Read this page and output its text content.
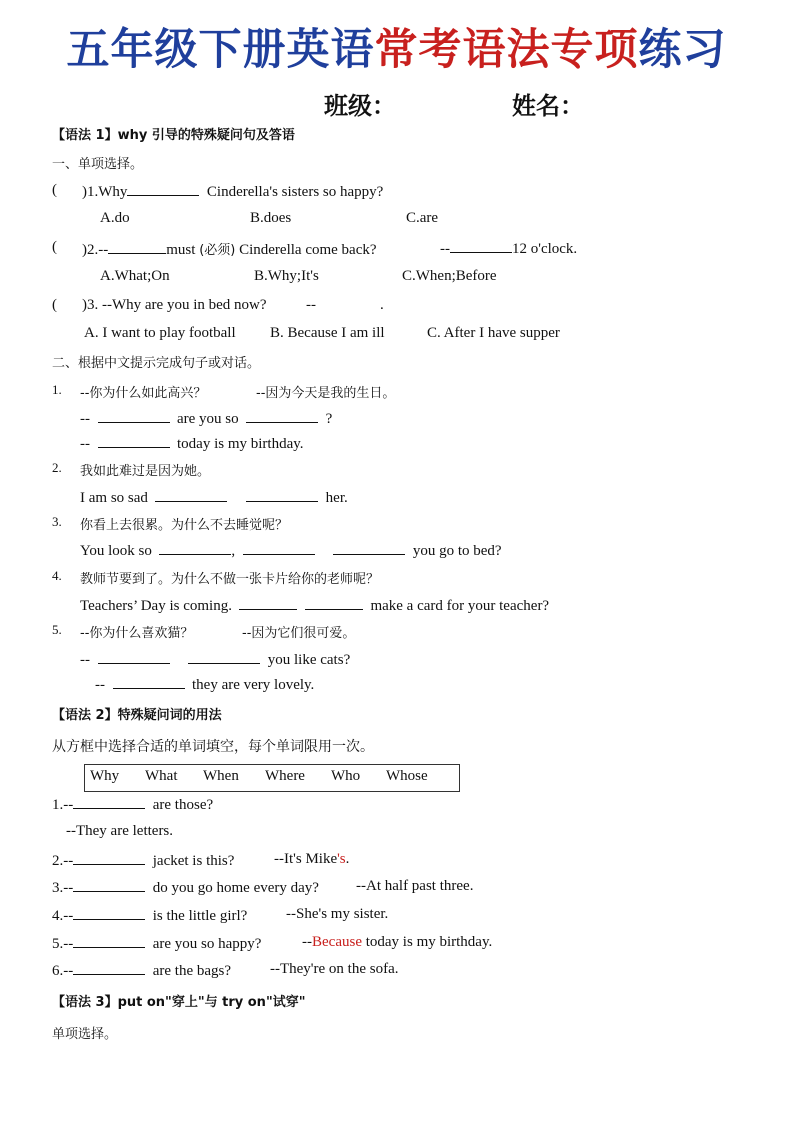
五年级下册英语常考语法专项练习
班级：	姓名：
【语法 1】why 引导的特殊疑问句及答语
一、单项选择。
( )1.Why	Cinderella's sisters so happy?
A.do	B.does	C.are
( )2.--	must (必须) Cinderella come back?	--	12 o'clock.
A.What;On	B.Why;It's	C.When;Before
( )3. --Why are you in bed now?	--	.
A. I want to play football B. Because I am ill	C. After I have supper
二、根据中文提示完成句子或对话。
1. --你为什么如此高兴？	--因为今天是我的生日。
--	are you so	?
--	today is my birthday.
2. 我如此难过是因为她。
I am so sad	her.
3. 你看上去很累。为什么不去睡觉呢？
You look so	,	you go to bed?
4. 教师节要到了。为什么不做一张卡片给你的老师呢？
Teachers’ Day is coming.	make a card for your teacher?
5. --你为什么喜欢猫？	--因为它们很可爱。
--	you like cats?
--	they are very lovely.
【语法 2】特殊疑问词的用法
从方框中选择合适的单词填空，每个单词限用一次。
Why What When Where Who Whose
1.--	are those?
--They are letters.
2.--	jacket is this?	--It's Mike's.
3.--	do you go home every day? --At half past three.
4.--	is the little girl?	--She's my sister.
5.--	are you so happy?	--Because today is my birthday.
6.--	are the bags?	--They're on the sofa.
【语法 3】put on"穿上"与 try on"试穿"
单项选择。
